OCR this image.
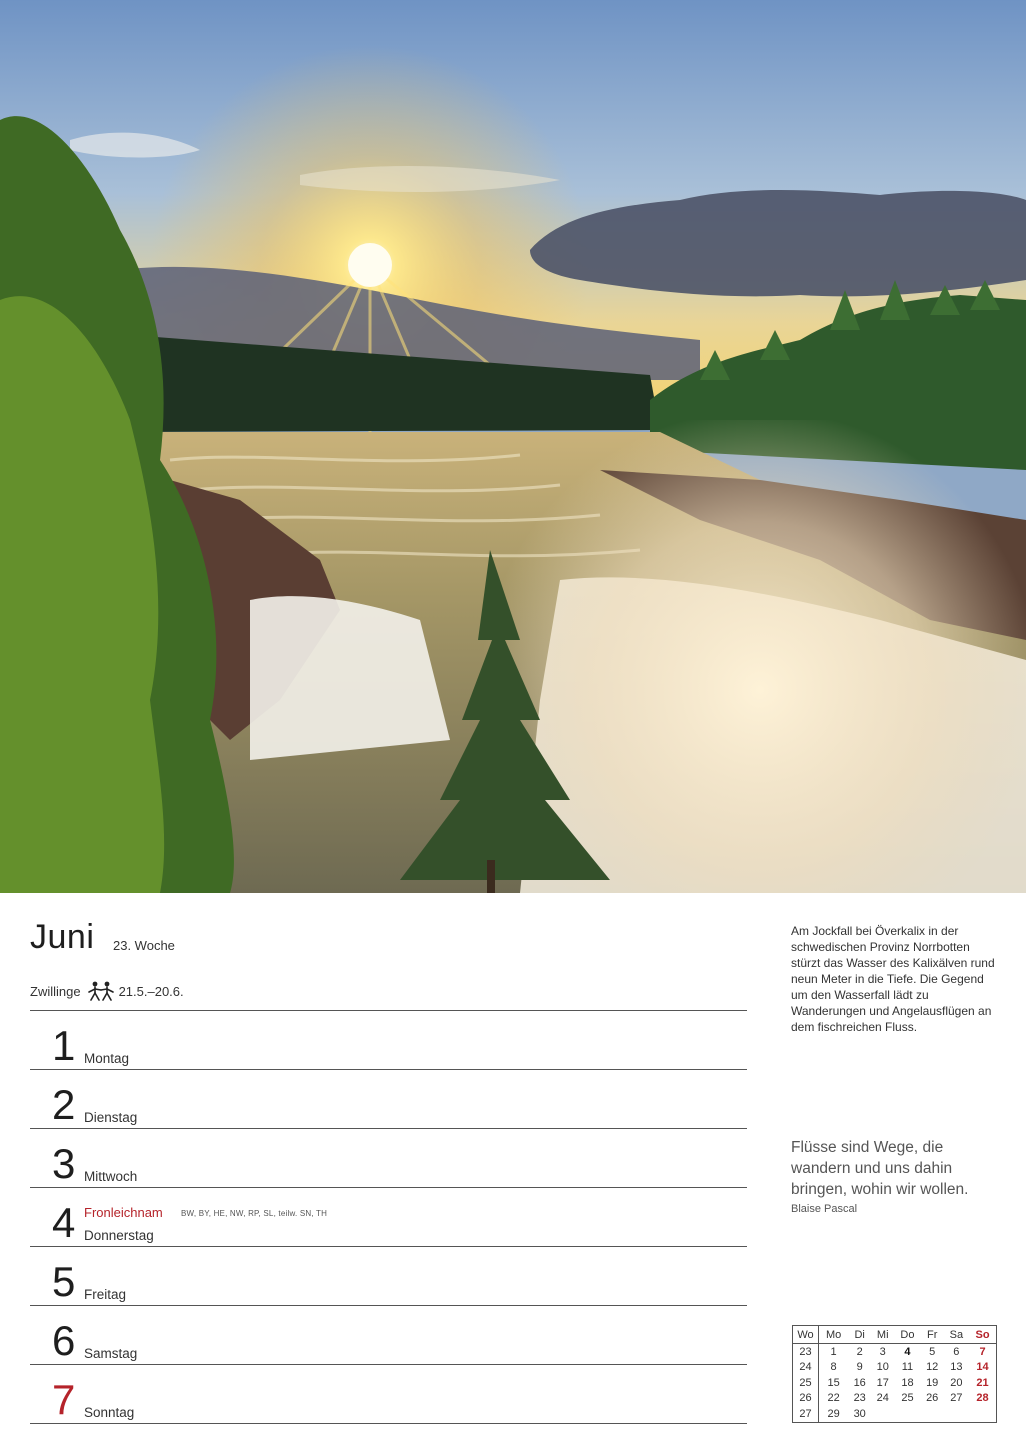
Juni 23. Woche
Zwillinge	21.5.–20.6.
1 Montag
2 Dienstag
3 Mittwoch
4 Fronleichnam BW, BY, HE, NW, RP, SL, teilw. SN, TH
Donnerstag
5 Freitag
6 Samstag
7 Sonntag
Am Jockfall bei Överkalix in der schwedischen Provinz Norrbotten stürzt das Wasser des Kalixälven rund neun Meter in die Tiefe. Die Gegend um den Wasserfall lädt zu Wanderungen und Angelausflügen an dem fischreichen Fluss.
Flüsse sind Wege, die wandern und uns dahin bringen, wohin wir wollen.
Blaise Pascal
Wo	Mo	Di	Mi	Do	Fr	Sa	So
23	1	2	3	4	5	6	7
24	8	9	10	11	12	13	14
25	15	16	17	18	19	20	21
26	22	23	24	25	26	27	28
27	29	30					
